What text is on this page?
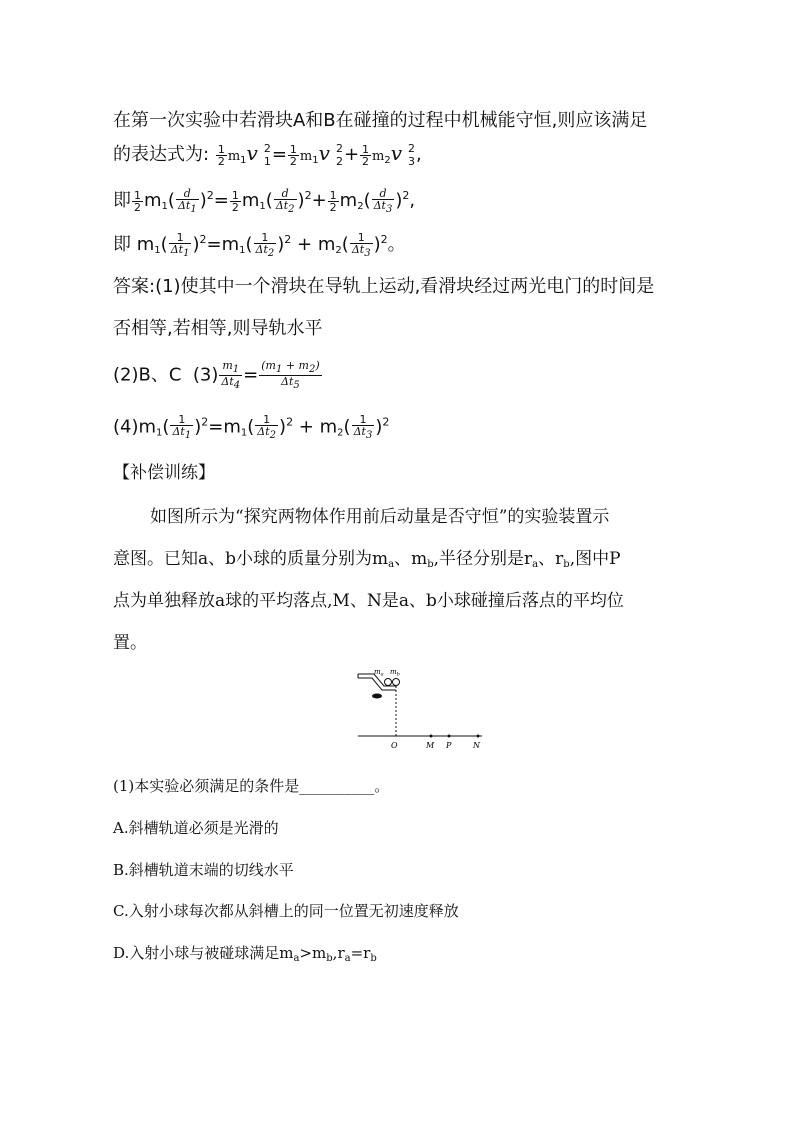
在第一次实验中若滑块A和B在碰撞的过程中机械能守恒,则应该满足
的表达式为: $\frac{1}{2} m_1v$ 2
$1 = \frac{1}{2} m_1v$ 2
$2 + \frac{1}{2} m_2v$ 2
3 ,
即 $\frac{1}{2} m_1( \frac{d}{\Delta t1} )^2= \frac{1}{2} m_1( \frac{d}{\Delta t2} )^2+ \frac{1}{2} m_2( \frac{d}{\Delta t3} )^2$,
即 $m_1( \frac{1}{\Delta t1} )^2=m_1( \frac{1}{\Delta t2} )^2 + m_2( \frac{1}{\Delta t3} )^2$。
答案:(1)使其中一个滑块在导轨上运动,看滑块经过两光电门的时间是
否相等,若相等,则导轨水平
(2)B、C $(3) \frac{m1}{\Delta t4} = \frac{(m1 + m2)}{\Delta t5}$
$(4)m_1( \frac{1}{\Delta t1} )^2=m_1( \frac{1}{\Delta t2} )^2 + m_2( \frac{1}{\Delta t3} )^2$
【补偿训练】
如图所示为“探究两物体作用前后动量是否守恒”的实验装置示
意图。已知a、b小球的质量分别为$m_a$、$m_b$,半径分别是$r_a$、$r_b$,图中P
点为单独释放a球的平均落点,M、N是a、b小球碰撞后落点的平均位
置。
$m_a$ $m_b$
O	M P	N
(1)本实验必须满足的条件是__________。
A.斜槽轨道必须是光滑的
B.斜槽轨道末端的切线水平
C.入射小球每次都从斜槽上的同一位置无初速度释放
D.入射小球与被碰球满足$m_a>m_b,r_a=r_b$
